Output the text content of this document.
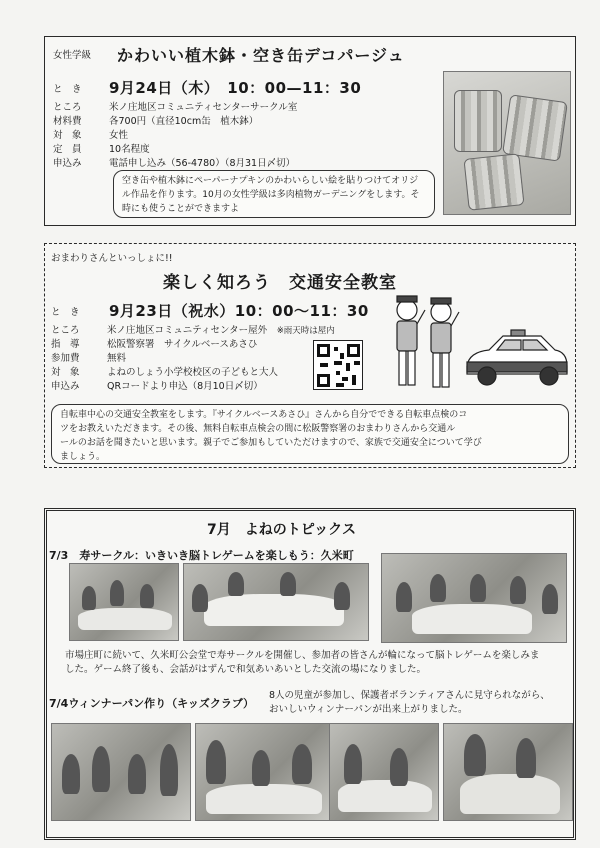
女性学級 かわいい植木鉢・空き缶デコパージュ
と　き 9月24日（木）　10：00—11：30
ところ	米ノ庄地区コミュニティセンターサークル室
材料費	各700円（直径10cm缶　植木鉢）
対　象	女性
定　員	10名程度
申込み	電話申し込み（56-4780）（8月31日〆切）
空き缶や植木鉢にペーパーナプキンのかわいらしい絵を貼りつけてオリジ
ル作品を作ります。10月の女性学級は多肉植物ガーデニングをします。そ
時にも使うことができますよ
おまわりさんといっしょに!!
楽しく知ろう　交通安全教室
と　き 9月23日（祝水）10：00～11：30
ところ	米ノ庄地区コミュニティセンター屋外　 ※雨天時は屋内
指　導	松阪警察署　サイクルベースあさひ
参加費	無料
対　象	よねのしょう小学校校区の子どもと大人
申込み	QRコードより申込（8月10日〆切）
自転車中心の交通安全教室をします。『サイクルベースあさひ』さんから自分でできる自転車点検のコ
ツをお教えいただきます。その後、無料自転車点検会の間に松阪警察署のおまわりさんから交通ル
ールのお話を聞きたいと思います。親子でご参加もしていただけますので、家族で交通安全について学び
ましょう。
7月　よねのトピックス
7/3　寿サークル：いきいき脳トレゲームを楽しもう：久米町
市場庄町に続いて、久米町公会堂で寿サークルを開催し、参加者の皆さんが輪になって脳トレゲームを楽しみま
した。ゲーム終了後も、会話がはずんで和気あいあいとした交流の場になりました。
7/4ウィンナーパン作り（キッズクラブ）
8人の児童が参加し、保護者ボランティアさんに見守られながら、
おいしいウィンナーパンが出来上がりました。
